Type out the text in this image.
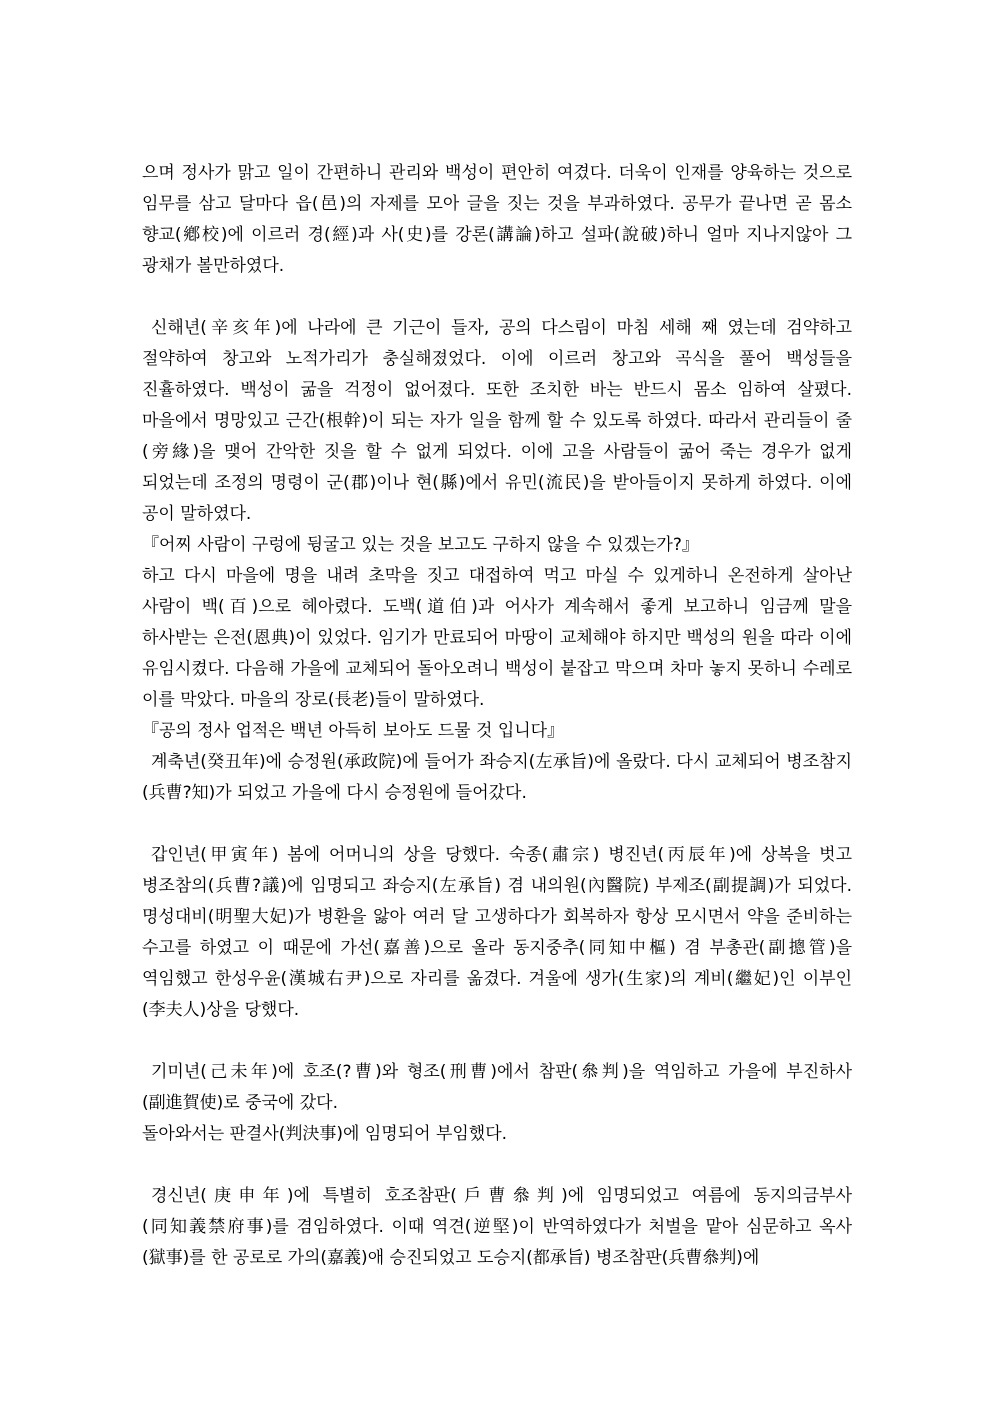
으며 정사가 맑고 일이 간편하니 관리와 백성이 편안히 여겼다. 더욱이 인재를 양육하는 것으로 임무를 삼고 달마다 읍(邑)의 자제를 모아 글을 짓는 것을 부과하였다. 공무가 끝나면 곧 몸소 향교(鄕校)에 이르러 경(經)과 사(史)를 강론(講論)하고 설파(說破)하니 얼마 지나지않아 그 광채가 볼만하였다.

신해년(辛亥年)에 나라에 큰 기근이 들자, 공의 다스림이 마침 세해 째 였는데 검약하고 절약하여 창고와 노적가리가 충실해졌었다. 이에 이르러 창고와 곡식을 풀어 백성들을 진휼하였다. 백성이 굶을 걱정이 없어졌다. 또한 조치한 바는 반드시 몸소 임하여 살폈다. 마을에서 명망있고 근간(根幹)이 되는 자가 일을 함께 할 수 있도록 하였다. 따라서 관리들이 줄(旁緣)을 맺어 간악한 짓을 할 수 없게 되었다. 이에 고을 사람들이 굶어 죽는 경우가 없게 되었는데 조정의 명령이 군(郡)이나 현(縣)에서 유민(流民)을 받아들이지 못하게 하였다. 이에 공이 말하였다.

『어찌 사람이 구렁에 뒹굴고 있는 것을 보고도 구하지 않을 수 있겠는가?』

하고 다시 마을에 명을 내려 초막을 짓고 대접하여 먹고 마실 수 있게하니 온전하게 살아난 사람이 백(百)으로 헤아렸다. 도백(道伯)과 어사가 계속해서 좋게 보고하니 임금께 말을 하사받는 은전(恩典)이 있었다. 임기가 만료되어 마땅이 교체해야 하지만 백성의 원을 따라 이에 유임시켰다. 다음해 가을에 교체되어 돌아오려니 백성이 붙잡고 막으며 차마 놓지 못하니 수레로 이를 막았다. 마을의 장로(長老)들이 말하였다.

『공의 정사 업적은 백년 아득히 보아도 드물 것 입니다』

계축년(癸丑年)에 승정원(承政院)에 들어가 좌승지(左承旨)에 올랐다. 다시 교체되어 병조참지(兵曹?知)가 되었고 가을에 다시 승정원에 들어갔다.

갑인년(甲寅年) 봄에 어머니의 상을 당했다. 숙종(肅宗) 병진년(丙辰年)에 상복을 벗고 병조참의(兵曹?議)에 임명되고 좌승지(左承旨) 겸 내의원(內醫院) 부제조(副提調)가 되었다. 명성대비(明聖大妃)가 병환을 앓아 여러 달 고생하다가 회복하자 항상 모시면서 약을 준비하는 수고를 하였고 이 때문에 가선(嘉善)으로 올라 동지중추(同知中樞) 겸 부총관(副摠管)을 역임했고 한성우윤(漢城右尹)으로 자리를 옮겼다. 겨울에 생가(生家)의 계비(繼妃)인 이부인(李夫人)상을 당했다.

기미년(己未年)에 호조(?曹)와 형조(刑曹)에서 참판(叅判)을 역임하고 가을에 부진하사(副進賀使)로 중국에 갔다.

돌아와서는 판결사(判決事)에 임명되어 부임했다.

경신년(庚申年)에 특별히 호조참판(戶曹叅判)에 임명되었고 여름에 동지의금부사(同知義禁府事)를 겸임하였다. 이때 역견(逆堅)이 반역하였다가 처벌을 맡아 심문하고 옥사(獄事)를 한 공로로 가의(嘉義)애 승진되었고 도승지(都承旨) 병조참판(兵曹叅判)에
